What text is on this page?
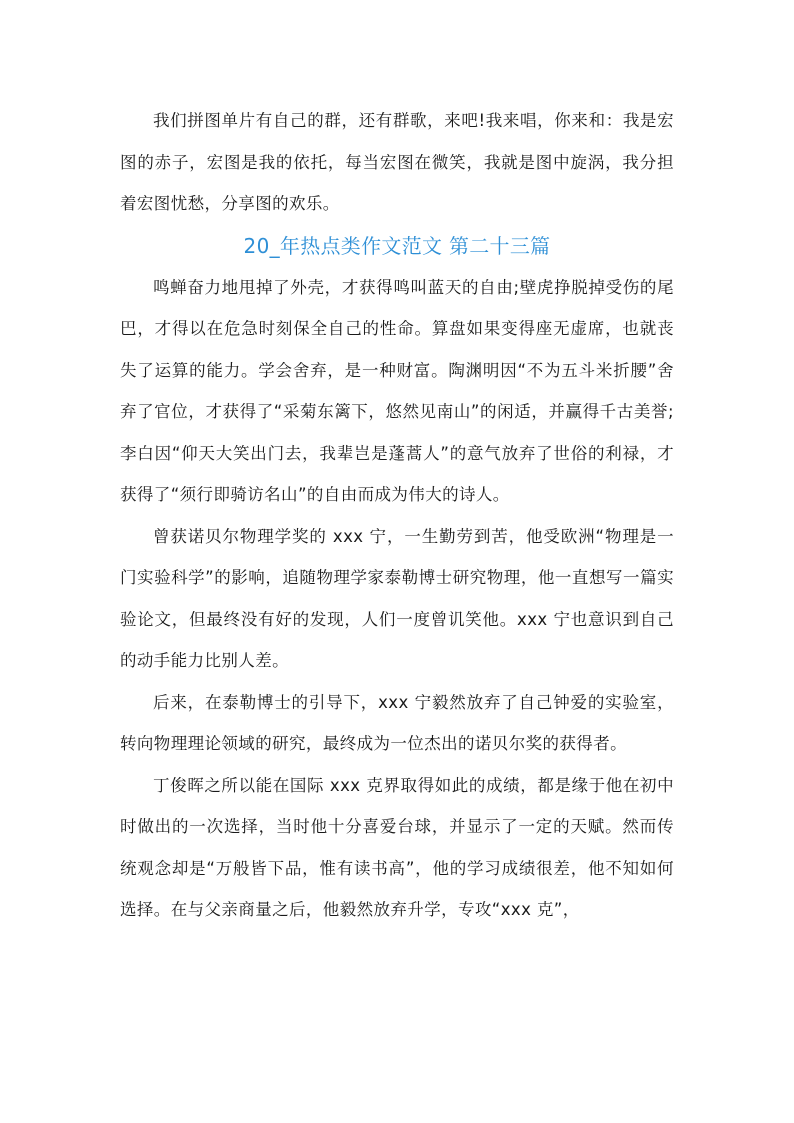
我们拼图单片有自己的群，还有群歌，来吧!我来唱，你来和：我是宏图的赤子，宏图是我的依托，每当宏图在微笑，我就是图中旋涡，我分担着宏图忧愁，分享图的欢乐。

20_年热点类作文范文 第二十三篇

鸣蝉奋力地甩掉了外壳，才获得鸣叫蓝天的自由;壁虎挣脱掉受伤的尾巴，才得以在危急时刻保全自己的性命。算盘如果变得座无虚席，也就丧失了运算的能力。学会舍弃，是一种财富。陶渊明因“不为五斗米折腰”舍弃了官位，才获得了“采菊东篱下，悠然见南山”的闲适，并赢得千古美誉;李白因“仰天大笑出门去，我辈岂是蓬蒿人”的意气放弃了世俗的利禄，才获得了“须行即骑访名山”的自由而成为伟大的诗人。

曾获诺贝尔物理学奖的 xxx 宁，一生勤劳到苦，他受欧洲“物理是一门实验科学”的影响，追随物理学家泰勒博士研究物理，他一直想写一篇实验论文，但最终没有好的发现，人们一度曾讥笑他。xxx 宁也意识到自己的动手能力比别人差。

后来，在泰勒博士的引导下，xxx 宁毅然放弃了自己钟爱的实验室，转向物理理论领域的研究，最终成为一位杰出的诺贝尔奖的获得者。

丁俊晖之所以能在国际 xxx 克界取得如此的成绩，都是缘于他在初中时做出的一次选择，当时他十分喜爱台球，并显示了一定的天赋。然而传统观念却是“万般皆下品，惟有读书高”，他的学习成绩很差，他不知如何选择。在与父亲商量之后，他毅然放弃升学，专攻“xxx 克”，
